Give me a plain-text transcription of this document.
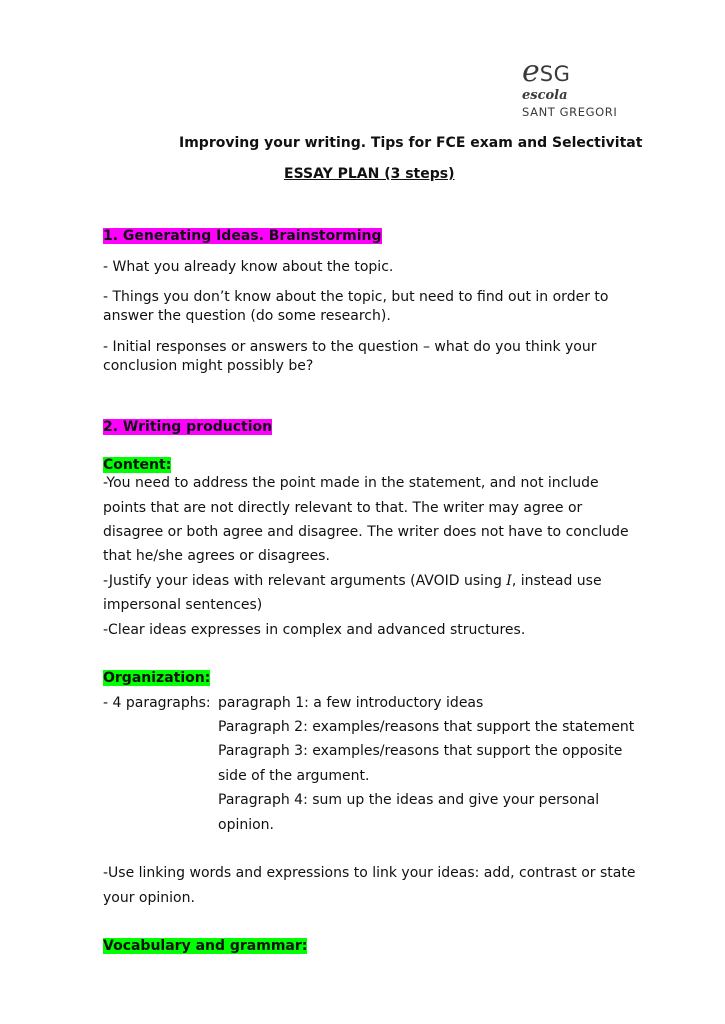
eSG
escola
SANT GREGORI
Improving your writing. Tips for FCE exam and Selectivitat
ESSAY PLAN (3 steps)
1. Generating Ideas. Brainstorming
- What you already know about the topic.
- Things you don’t know about the topic, but need to find out in order to
answer the question (do some research).
- Initial responses or answers to the question – what do you think your
conclusion might possibly be?
2. Writing production
Content:
-You need to address the point made in the statement, and not include
points that are not directly relevant to that. The writer may agree or
disagree or both agree and disagree. The writer does not have to conclude
that he/she agrees or disagrees.
-Justify your ideas with relevant arguments (AVOID using I, instead use
impersonal sentences)
-Clear ideas expresses in complex and advanced structures.
Organization:
- 4 paragraphs: paragraph 1: a few introductory ideas
Paragraph 2: examples/reasons that support the statement
Paragraph 3: examples/reasons that support the opposite
side of the argument.
Paragraph 4: sum up the ideas and give your personal
opinion.
-Use linking words and expressions to link your ideas: add, contrast or state
your opinion.
Vocabulary and grammar:
